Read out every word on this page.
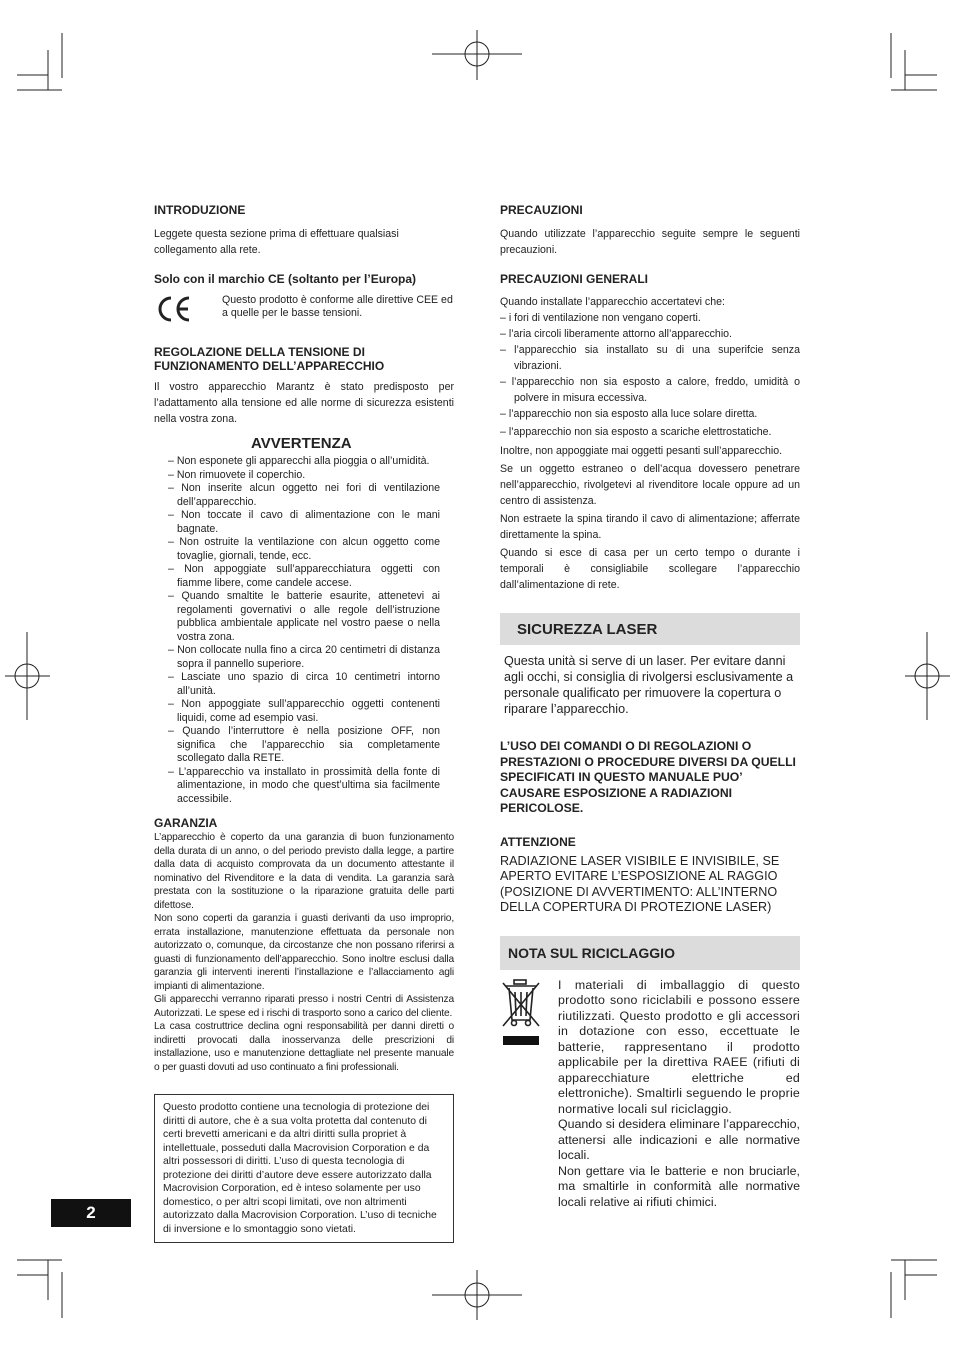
INTRODUZIONE

Leggete questa sezione prima di effettuare qualsiasi collegamento alla rete.

Solo con il marchio CE (soltanto per l’Europa)
Questo prodotto è conforme alle direttive CEE ed a quelle per le basse tensioni.
REGOLAZIONE DELLA TENSIONE DI FUNZIONAMENTO DELL’APPARECCHIO

Il vostro apparecchio Marantz è stato predisposto per l’adattamento alla tensione ed alle norme di sicurezza esistenti nella vostra zona.

AVVERTENZA
– Non esponete gli apparecchi alla pioggia o all’umidità.
– Non rimuovete il coperchio.
– Non inserite alcun oggetto nei fori di ventilazione dell’apparecchio.
– Non toccate il cavo di alimentazione con le mani bagnate.
– Non ostruite la ventilazione con alcun oggetto come tovaglie, giornali, tende, ecc.
– Non appoggiate sull’apparecchiatura oggetti con fiamme libere, come candele accese.
– Quando smaltite le batterie esaurite, attenetevi ai regolamenti governativi o alle regole dell’istruzione pubblica ambientale applicate nel vostro paese o nella vostra zona.
– Non collocate nulla fino a circa 20 centimetri di distanza sopra il pannello superiore.
– Lasciate uno spazio di circa 10 centimetri intorno all’unità.
– Non appoggiate sull’apparecchio oggetti contenenti liquidi, come ad esempio vasi.
– Quando l’interruttore è nella posizione OFF, non significa che l’apparecchio sia completamente scollegato dalla RETE.
– L’apparecchio va installato in prossimità della fonte di alimentazione, in modo che quest’ultima sia facilmente accessibile.
GARANZIA

L’apparecchio è coperto da una garanzia di buon funzionamento della durata di un anno, o del periodo previsto dalla legge, a partire dalla data di acquisto comprovata da un documento attestante il nominativo del Rivenditore e la data di vendita. La garanzia sarà prestata con la sostituzione o la riparazione gratuita delle parti difettose.

Non sono coperti da garanzia i guasti derivanti da uso improprio, errata installazione, manutenzione effettuata da personale non autorizzato o, comunque, da circostanze che non possano riferirsi a guasti di funzionamento dell’apparecchio. Sono inoltre esclusi dalla garanzia gli interventi inerenti l’installazione e l’allacciamento agli impianti di alimentazione.

Gli apparecchi verranno riparati presso i nostri Centri di Assistenza Autorizzati. Le spese ed i rischi di trasporto sono a carico del cliente.

La casa costruttrice declina ogni responsabilità per danni diretti o indiretti provocati dalla inosservanza delle prescrizioni di installazione, uso e manutenzione dettagliate nel presente manuale o per guasti dovuti ad uso continuato a fini professionali.

Questo prodotto contiene una tecnologia di protezione dei diritti di autore, che è a sua volta protetta dal contenuto di certi brevetti americani e da altri diritti sulla propriet à intellettuale, posseduti dalla Macrovision Corporation e da altri possessori di diritti. L’uso di questa tecnologia di protezione dei diritti d’autore deve essere autorizzato dalla Macrovision Corporation, ed è inteso solamente per uso domestico, o per altri scopi limitati, ove non altrimenti autorizzato dalla Macrovision Corporation. L’uso di tecniche di inversione e lo smontaggio sono vietati.
PRECAUZIONI

Quando utilizzate l’apparecchio seguite sempre le seguenti precauzioni.

PRECAUZIONI GENERALI

Quando installate l’apparecchio accertatevi che:

– i fori di ventilazione non vengano coperti.
– l’aria circoli liberamente attorno all’apparecchio.
– l’apparecchio sia installato su di una superifcie senza vibrazioni.
– l’apparecchio non sia esposto a calore, freddo, umidità o polvere in misura eccessiva.
– l’apparecchio non sia esposto alla luce solare diretta.
– l’apparecchio non sia esposto a scariche elettrostatiche.

Inoltre, non appoggiate mai oggetti pesanti sull’apparecchio.

Se un oggetto estraneo o dell’acqua dovessero penetrare nell’apparecchio, rivolgetevi al rivenditore locale oppure ad un centro di assistenza.

Non estraete la spina tirando il cavo di alimentazione; afferrate direttamente la spina.

Quando si esce di casa per un certo tempo o durante i temporali è consigliabile scollegare l’apparecchio dall’alimentazione di rete.

SICUREZZA LASER

Questa unità si serve di un laser. Per evitare danni agli occhi, si consiglia di rivolgersi esclusivamente a personale qualificato per rimuovere la copertura o riparare l’apparecchio.

L’USO DEI COMANDI O DI REGOLAZIONI O PRESTAZIONI O PROCEDURE DIVERSI DA QUELLI SPECIFICATI IN QUESTO MANUALE PUO’ CAUSARE ESPOSIZIONE A RADIAZIONI PERICOLOSE.

ATTENZIONE

RADIAZIONE LASER VISIBILE E INVISIBILE, SE APERTO EVITARE L’ESPOSIZIONE AL RAGGIO (POSIZIONE DI AVVERTIMENTO: ALL’INTERNO DELLA COPERTURA DI PROTEZIONE LASER)

NOTA SUL RICICLAGGIO
I materiali di imballaggio di questo prodotto sono riciclabili e possono essere riutilizzati. Questo prodotto e gli accessori in dotazione con esso, eccettuate le batterie, rappresentano il prodotto applicabile per la direttiva RAEE (rifiuti di apparecchiature elettriche ed elettroniche). Smaltirli seguendo le proprie normative locali sul riciclaggio.
Quando si desidera eliminare l’apparecchio, attenersi alle indicazioni e alle normative locali.
Non gettare via le batterie e non bruciarle, ma smaltirle in conformità alle normative locali relative ai rifiuti chimici.
2
